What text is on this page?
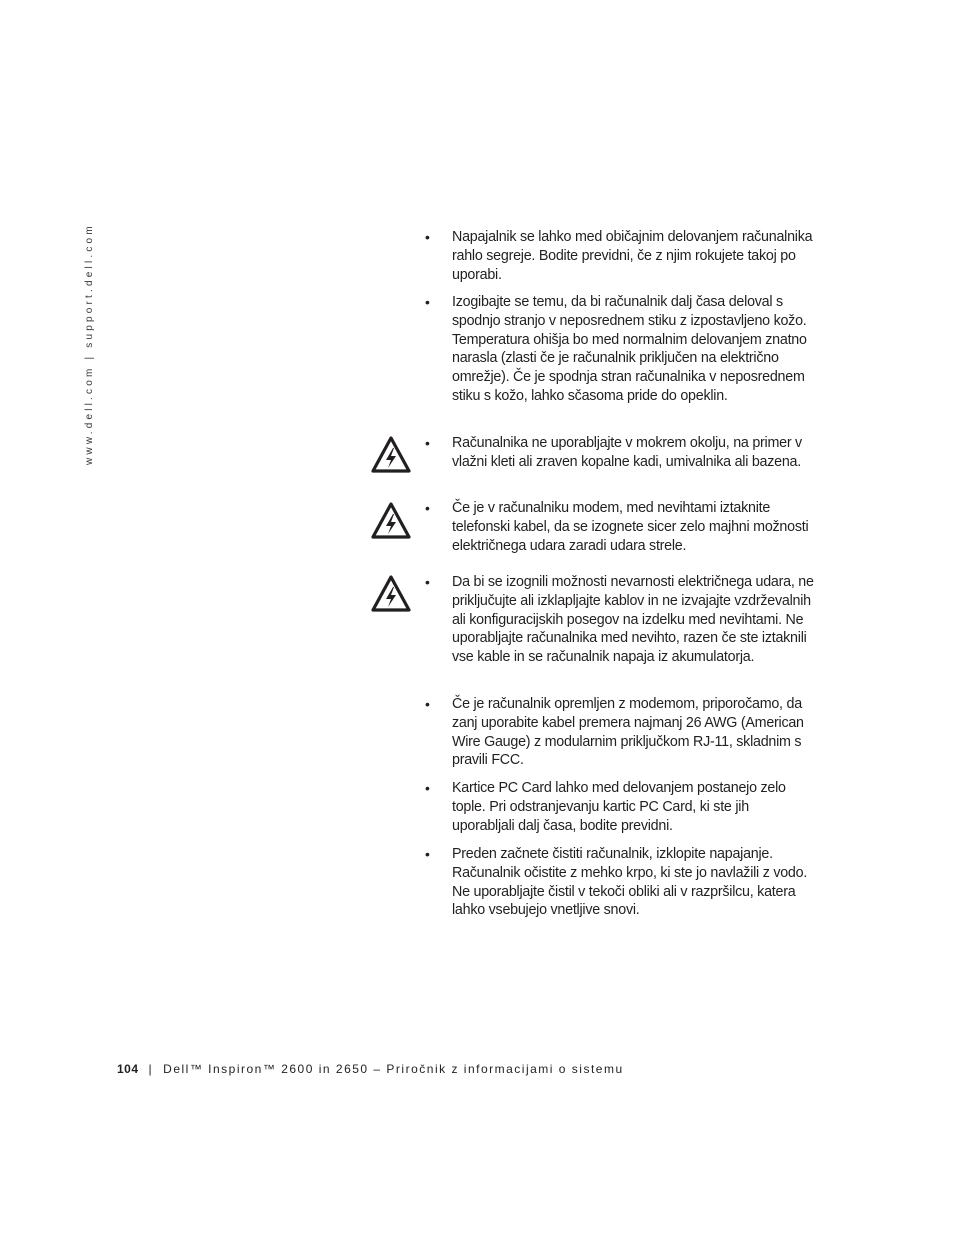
www.dell.com | support.dell.com	• Napajalnik se lahko med običajnim delovanjem računalnika rahlo segreje. Bodite previdni, če z njim rokujete takoj po uporabi.
• Izogibajte se temu, da bi računalnik dalj časa deloval s spodnjo stranjo v neposrednem stiku z izpostavljeno kožo. Temperatura ohišja bo med normalnim delovanjem znatno narasla (zlasti če je računalnik priključen na električno omrežje). Če je spodnja stran računalnika v neposrednem stiku s kožo, lahko sčasoma pride do opeklin.
• Računalnika ne uporabljajte v mokrem okolju, na primer v vlažni kleti ali zraven kopalne kadi, umivalnika ali bazena.
• Če je v računalniku modem, med nevihtami iztaknite telefonski kabel, da se izognete sicer zelo majhni možnosti električnega udara zaradi udara strele.
• Da bi se izognili možnosti nevarnosti električnega udara, ne priključujte ali izklapljajte kablov in ne izvajajte vzdrževalnih ali konfiguracijskih posegov na izdelku med nevihtami. Ne uporabljajte računalnika med nevihto, razen če ste iztaknili vse kable in se računalnik napaja iz akumulatorja.
• Če je računalnik opremljen z modemom, priporočamo, da zanj uporabite kabel premera najmanj 26 AWG (American Wire Gauge) z modularnim priključkom RJ-11, skladnim s pravili FCC.
• Kartice PC Card lahko med delovanjem postanejo zelo tople. Pri odstranjevanju kartic PC Card, ki ste jih uporabljali dalj časa, bodite previdni.
• Preden začnete čistiti računalnik, izklopite napajanje. Računalnik očistite z mehko krpo, ki ste jo navlažili z vodo. Ne uporabljajte čistil v tekoči obliki ali v razpršilcu, katera lahko vsebujejo vnetljive snovi.
104 | Dell™ Inspiron™ 2600 in 2650 – Priročnik z informacijami o sistemu
